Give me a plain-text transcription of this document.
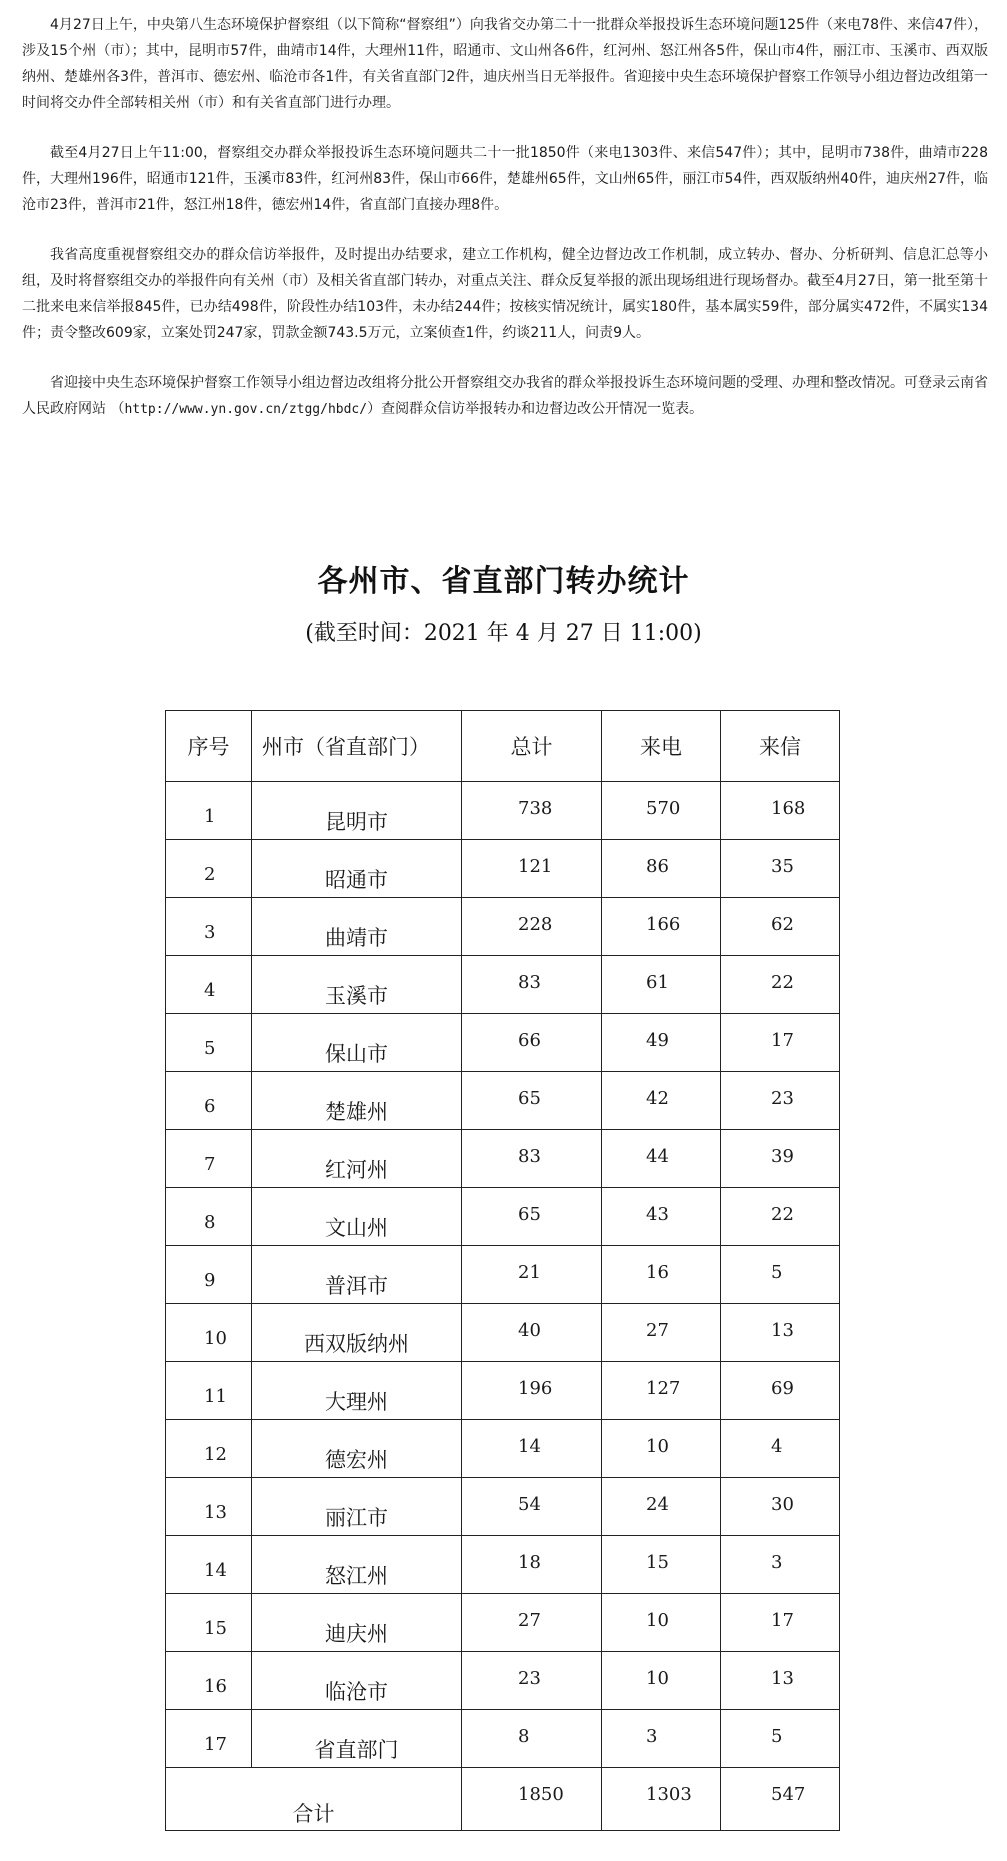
4月27日上午，中央第八生态环境保护督察组（以下简称“督察组”）向我省交办第二十一批群众举报投诉生态环境问题125件（来电78件、来信47件），涉及15个州（市）；其中，昆明市57件，曲靖市14件，大理州11件，昭通市、文山州各6件，红河州、怒江州各5件，保山市4件，丽江市、玉溪市、西双版纳州、楚雄州各3件，普洱市、德宏州、临沧市各1件，有关省直部门2件，迪庆州当日无举报件。省迎接中央生态环境保护督察工作领导小组边督边改组第一时间将交办件全部转相关州（市）和有关省直部门进行办理。

截至4月27日上午11:00，督察组交办群众举报投诉生态环境问题共二十一批1850件（来电1303件、来信547件）；其中，昆明市738件，曲靖市228件，大理州196件，昭通市121件，玉溪市83件，红河州83件，保山市66件，楚雄州65件，文山州65件，丽江市54件，西双版纳州40件，迪庆州27件，临沧市23件，普洱市21件，怒江州18件，德宏州14件，省直部门直接办理8件。

我省高度重视督察组交办的群众信访举报件，及时提出办结要求，建立工作机构，健全边督边改工作机制，成立转办、督办、分析研判、信息汇总等小组，及时将督察组交办的举报件向有关州（市）及相关省直部门转办，对重点关注、群众反复举报的派出现场组进行现场督办。截至4月27日，第一批至第十二批来电来信举报845件，已办结498件，阶段性办结103件，未办结244件；按核实情况统计，属实180件，基本属实59件，部分属实472件，不属实134件；责令整改609家，立案处罚247家，罚款金额743.5万元，立案侦查1件，约谈211人，问责9人。

省迎接中央生态环境保护督察工作领导小组边督边改组将分批公开督察组交办我省的群众举报投诉生态环境问题的受理、办理和整改情况。可登录云南省人民政府网站 （http://www.yn.gov.cn/ztgg/hbdc/）查阅群众信访举报转办和边督边改公开情况一览表。

各州市、省直部门转办统计
(截至时间：2021 年 4 月 27 日 11:00)
序号	州市（省直部门）	总计	来电	来信

1	昆明市	738	570	168

2	昭通市	121	86	35

3	曲靖市	228	166	62

4	玉溪市	83	61	22

5	保山市	66	49	17

6	楚雄州	65	42	23

7	红河州	83	44	39

8	文山州	65	43	22

9	普洱市	21	16	5

10	西双版纳州	40	27	13

11	大理州	196	127	69

12	德宏州	14	10	4

13	丽江市	54	24	30

14	怒江州	18	15	3

15	迪庆州	27	10	17

16	临沧市	23	10	13

17	省直部门	8	3	5

合计		1850	1303	547
